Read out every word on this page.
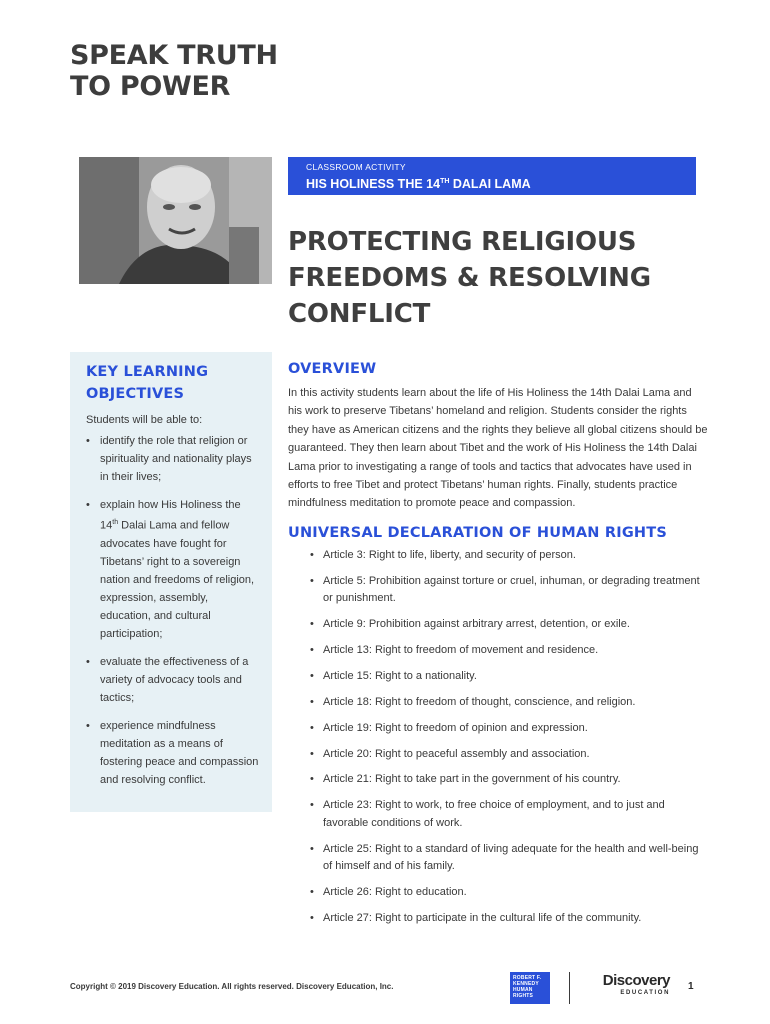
SPEAK TRUTH
TO POWER
CLASSROOM ACTIVITY
HIS HOLINESS THE 14TH DALAI LAMA
PROTECTING RELIGIOUS
FREEDOMS & RESOLVING
CONFLICT
KEY LEARNING
OBJECTIVES
Students will be able to:
• identify the role that religion or spirituality and nationality plays in their lives;
• explain how His Holiness the 14th Dalai Lama and fellow advocates have fought for Tibetans’ right to a sovereign nation and freedoms of religion, expression, assembly, education, and cultural participation;
• evaluate the effectiveness of a variety of advocacy tools and tactics;
• experience mindfulness meditation as a means of fostering peace and compassion and resolving conflict.
OVERVIEW

In this activity students learn about the life of His Holiness the 14th Dalai Lama and his work to preserve Tibetans’ homeland and religion. Students consider the rights they have as American citizens and the rights they believe all global citizens should be guaranteed. They then learn about Tibet and the work of His Holiness the 14th Dalai Lama prior to investigating a range of tools and tactics that advocates have used in efforts to free Tibet and protect Tibetans’ human rights. Finally, students practice mindfulness meditation to promote peace and compassion.

UNIVERSAL DECLARATION OF HUMAN RIGHTS
• Article 3: Right to life, liberty, and security of person.
• Article 5: Prohibition against torture or cruel, inhuman, or degrading treatment or punishment.
• Article 9: Prohibition against arbitrary arrest, detention, or exile.
• Article 13: Right to freedom of movement and residence.
• Article 15: Right to a nationality.
• Article 18: Right to freedom of thought, conscience, and religion.
• Article 19: Right to freedom of opinion and expression.
• Article 20: Right to peaceful assembly and association.
• Article 21: Right to take part in the government of his country.
• Article 23: Right to work, to free choice of employment, and to just and favorable conditions of work.
• Article 25: Right to a standard of living adequate for the health and well-being of himself and of his family.
• Article 26: Right to education.
• Article 27: Right to participate in the cultural life of the community.
Copyright © 2019 Discovery Education. All rights reserved. Discovery Education, Inc.
ROBERT F. KENNEDY HUMAN RIGHTS
Discovery
EDUCATION
1
